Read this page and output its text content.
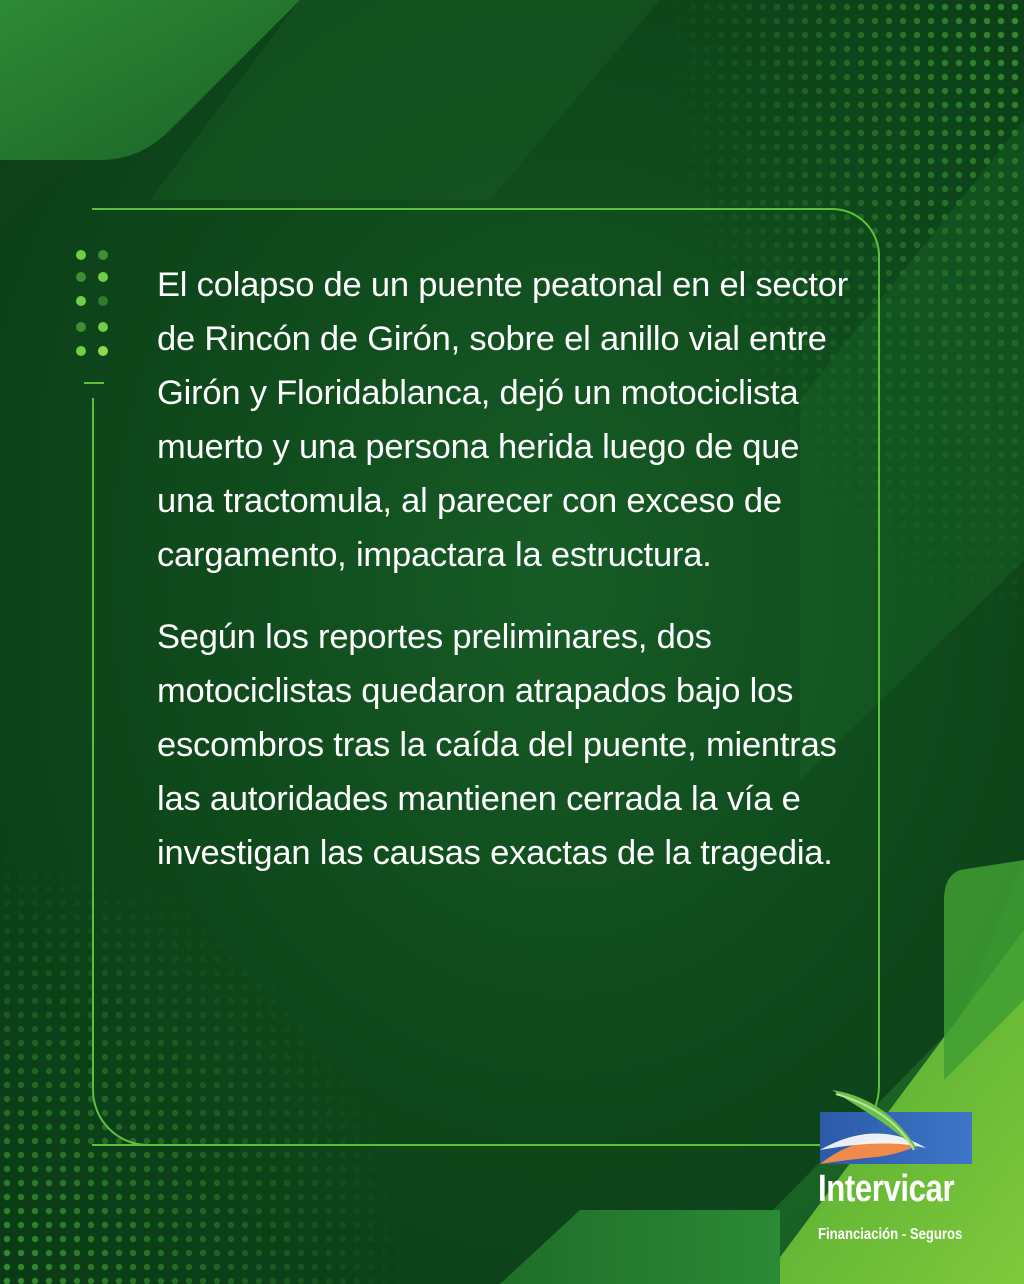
El colapso de un puente peatonal en el sector de Rincón de Girón, sobre el anillo vial entre Girón y Floridablanca, dejó un motociclista muerto y una persona herida luego de que una tractomula, al parecer con exceso de cargamento, impactara la estructura.

Según los reportes preliminares, dos motociclistas quedaron atrapados bajo los escombros tras la caída del puente, mientras las autoridades mantienen cerrada la vía e investigan las causas exactas de la tragedia.

Intervicar
Financiación - Seguros
